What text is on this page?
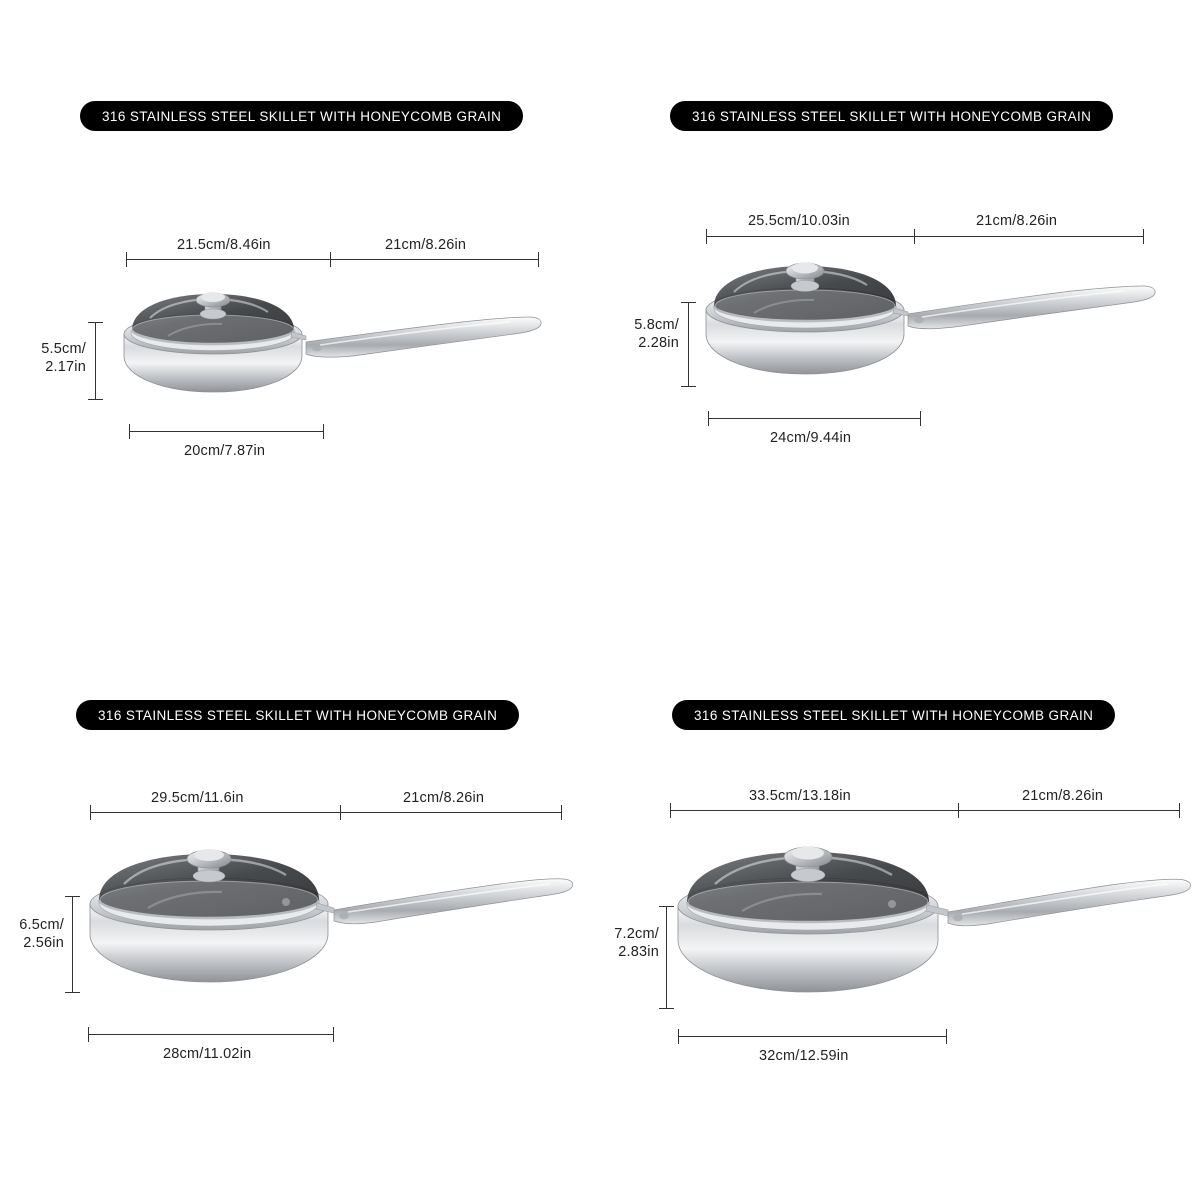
316 STAINLESS STEEL SKILLET WITH HONEYCOMB GRAIN
21.5cm/8.46in	21cm/8.26in
5.5cm/
2.17in
20cm/7.87in
316 STAINLESS STEEL SKILLET WITH HONEYCOMB GRAIN
25.5cm/10.03in	21cm/8.26in
5.8cm/
2.28in
24cm/9.44in
316 STAINLESS STEEL SKILLET WITH HONEYCOMB GRAIN
29.5cm/11.6in	21cm/8.26in
6.5cm/
2.56in
28cm/11.02in
316 STAINLESS STEEL SKILLET WITH HONEYCOMB GRAIN
33.5cm/13.18in	21cm/8.26in
7.2cm/
2.83in
32cm/12.59in
